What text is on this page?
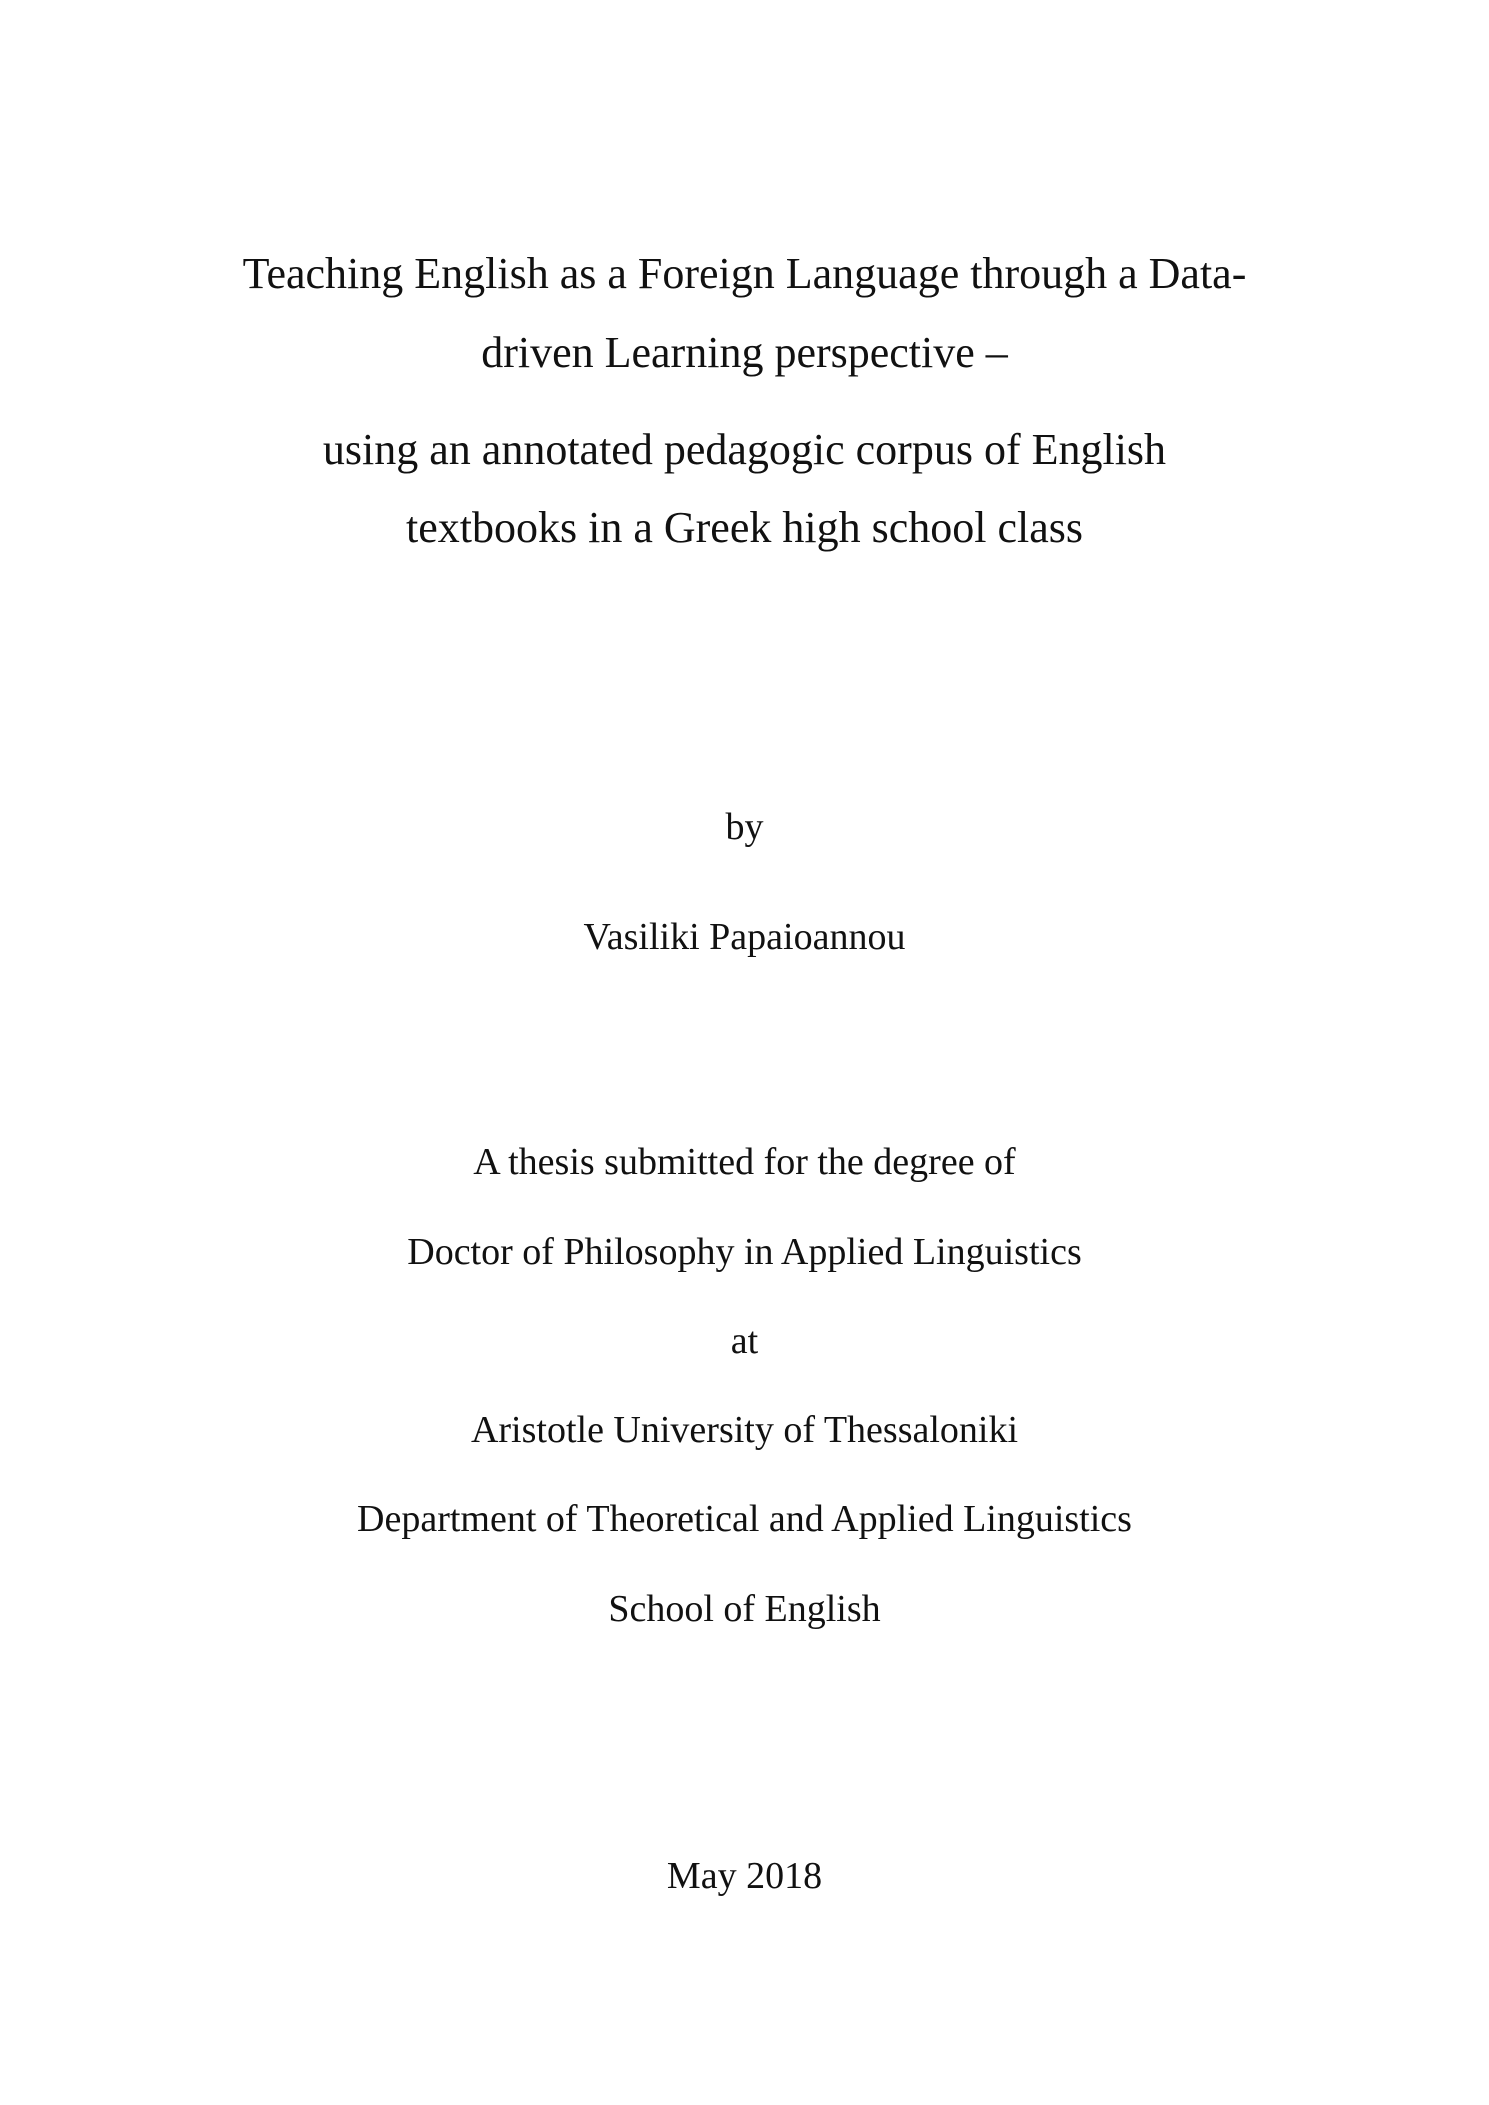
Teaching English as a Foreign Language through a Data-
driven Learning perspective –
using an annotated pedagogic corpus of English
textbooks in a Greek high school class
by
Vasiliki Papaioannou
A thesis submitted for the degree of
Doctor of Philosophy in Applied Linguistics
at
Aristotle University of Thessaloniki
Department of Theoretical and Applied Linguistics
School of English
May 2018
